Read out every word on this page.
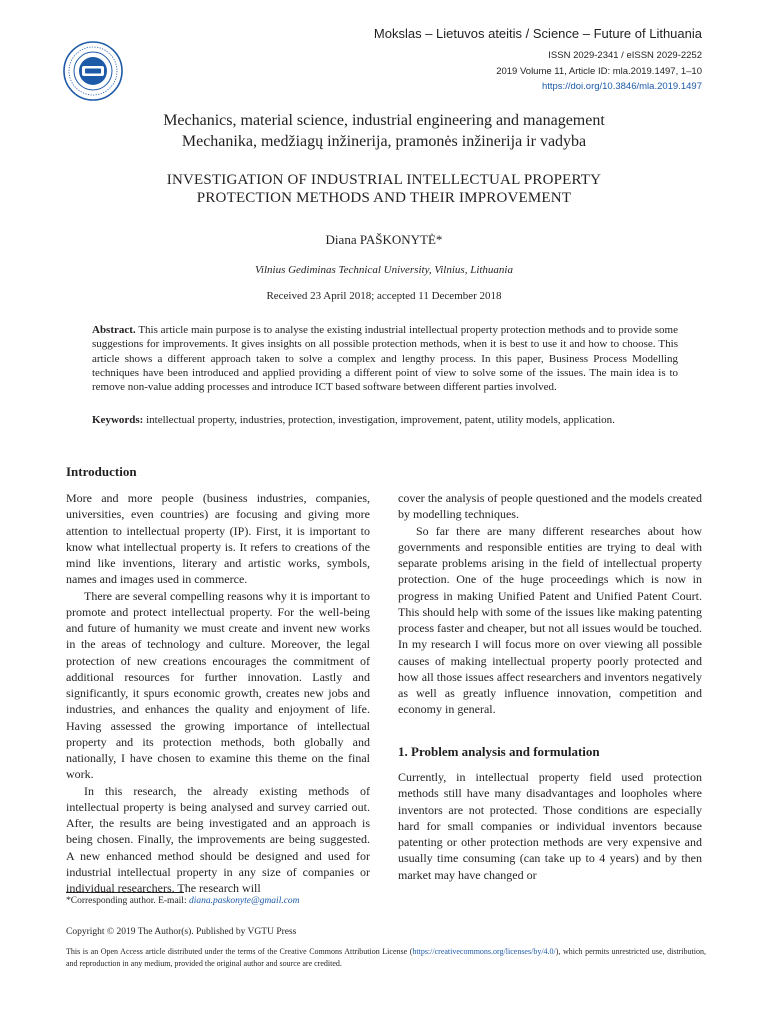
Mokslas – Lietuvos ateitis / Science – Future of Lithuania
ISSN 2029-2341 / eISSN 2029-2252
2019 Volume 11, Article ID: mla.2019.1497, 1–10
https://doi.org/10.3846/mla.2019.1497
Mechanics, material science, industrial engineering and management
Mechanika, medžiagų inžinerija, pramonės inžinerija ir vadyba
INVESTIGATION OF INDUSTRIAL INTELLECTUAL PROPERTY
PROTECTION METHODS AND THEIR IMPROVEMENT
Diana PAŠKONYTĖ*
Vilnius Gediminas Technical University, Vilnius, Lithuania
Received 23 April 2018; accepted 11 December 2018
Abstract. This article main purpose is to analyse the existing industrial intellectual property protection methods and to provide some suggestions for improvements. It gives insights on all possible protection methods, when it is best to use it and how to choose. This article shows a different approach taken to solve a complex and lengthy process. In this paper, Business Process Modelling techniques have been introduced and applied providing a different point of view to solve some of the issues. The main idea is to remove non-value adding processes and introduce ICT based software between different parties involved.
Keywords: intellectual property, industries, protection, investigation, improvement, patent, utility models, application.
Introduction

More and more people (business industries, companies, universities, even countries) are focusing and giving more attention to intellectual property (IP). First, it is important to know what intellectual property is. It refers to creations of the mind like inventions, literary and artistic works, symbols, names and images used in commerce.

There are several compelling reasons why it is important to promote and protect intellectual property. For the well-being and future of humanity we must create and invent new works in the areas of technology and culture. Moreover, the legal protection of new creations encourages the commitment of additional resources for further innovation. Lastly and significantly, it spurs economic growth, creates new jobs and industries, and enhances the quality and enjoyment of life. Having assessed the growing importance of intellectual property and its protection methods, both globally and nationally, I have chosen to examine this theme on the final work.

In this research, the already existing methods of intellectual property is being analysed and survey carried out. After, the results are being investigated and an approach is being chosen. Finally, the improvements are being suggested. A new enhanced method should be designed and used for industrial intellectual property in any size of companies or individual researchers. The research will

cover the analysis of people questioned and the models created by modelling techniques.

So far there are many different researches about how governments and responsible entities are trying to deal with separate problems arising in the field of intellectual property protection. One of the huge proceedings which is now in progress in making Unified Patent and Unified Patent Court. This should help with some of the issues like making patenting process faster and cheaper, but not all issues would be touched. In my research I will focus more on over viewing all possible causes of making intellectual property poorly protected and how all those issues affect researchers and inventors negatively as well as greatly influence innovation, competition and economy in general.

1. Problem analysis and formulation

Currently, in intellectual property field used protection methods still have many disadvantages and loopholes where inventors are not protected. Those conditions are especially hard for small companies or individual inventors because patenting or other protection methods are very expensive and usually time consuming (can take up to 4 years) and by then market may have changed or

*Corresponding author. E-mail: diana.paskonyte@gmail.com
Copyright © 2019 The Author(s). Published by VGTU Press
This is an Open Access article distributed under the terms of the Creative Commons Attribution License (https://creativecommons.org/licenses/by/4.0/), which permits unrestricted use, distribution, and reproduction in any medium, provided the original author and source are credited.
